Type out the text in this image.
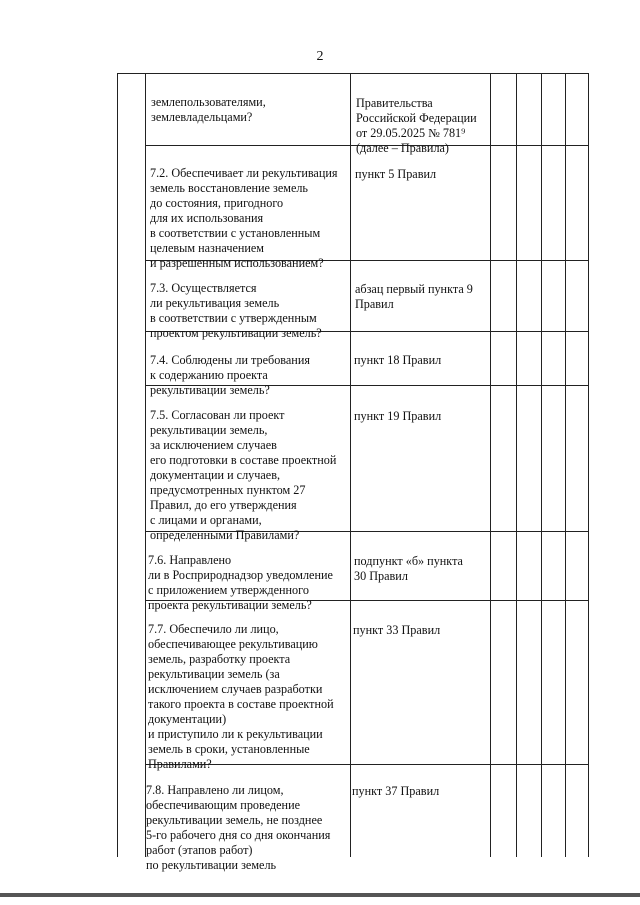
2

землепользователями,
землевладельцами?

Правительства
Российской Федерации
от 29.05.2025 № 781⁹
(далее – Правила)

7.2. Обеспечивает ли рекультивация
земель восстановление земель
до состояния, пригодного
для их использования
в соответствии с установленным
целевым назначением
и разрешенным использованием?

пункт 5 Правил

7.3. Осуществляется
ли рекультивация земель
в соответствии с утвержденным
проектом рекультивации земель?

абзац первый пункта 9
Правил

7.4. Соблюдены ли требования
к содержанию проекта
рекультивации земель?

пункт 18 Правил

7.5. Согласован ли проект
рекультивации земель,
за исключением случаев
его подготовки в составе проектной
документации и случаев,
предусмотренных пунктом 27
Правил, до его утверждения
с лицами и органами,
определенными Правилами?

пункт 19 Правил

7.6. Направлено
ли в Росприроднадзор уведомление
с приложением утвержденного
проекта рекультивации земель?

подпункт «б» пункта
30 Правил

7.7. Обеспечило ли лицо,
обеспечивающее рекультивацию
земель, разработку проекта
рекультивации земель (за
исключением случаев разработки
такого проекта в составе проектной
документации)
и приступило ли к рекультивации
земель в сроки, установленные
Правилами?

пункт 33 Правил

7.8. Направлено ли лицом,
обеспечивающим проведение
рекультивации земель, не позднее
5-го рабочего дня со дня окончания
работ (этапов работ)
по рекультивации земель

пункт 37 Правил
